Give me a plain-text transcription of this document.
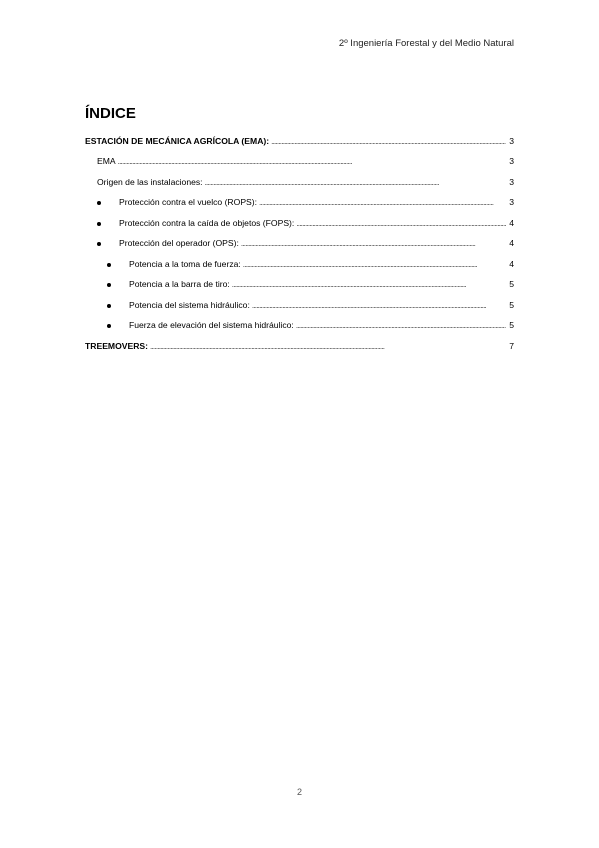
2º Ingeniería Forestal y del Medio Natural
ÍNDICE
ESTACIÓN DE MECÁNICA AGRÍCOLA (EMA): . . .	3
EMA . . .	3
Origen de las instalaciones: . . .	3
Protección contra el vuelco (ROPS): . . .	3
Protección contra la caída de objetos (FOPS): . . .	4
Protección del operador (OPS): . . .	4
Potencia a la toma de fuerza: . . .	4
Potencia a la barra de tiro: . . .	5
Potencia del sistema hidráulico: . . .	5
Fuerza de elevación del sistema hidráulico: . . .	5
TREEMOVERS: . . .	7
2
